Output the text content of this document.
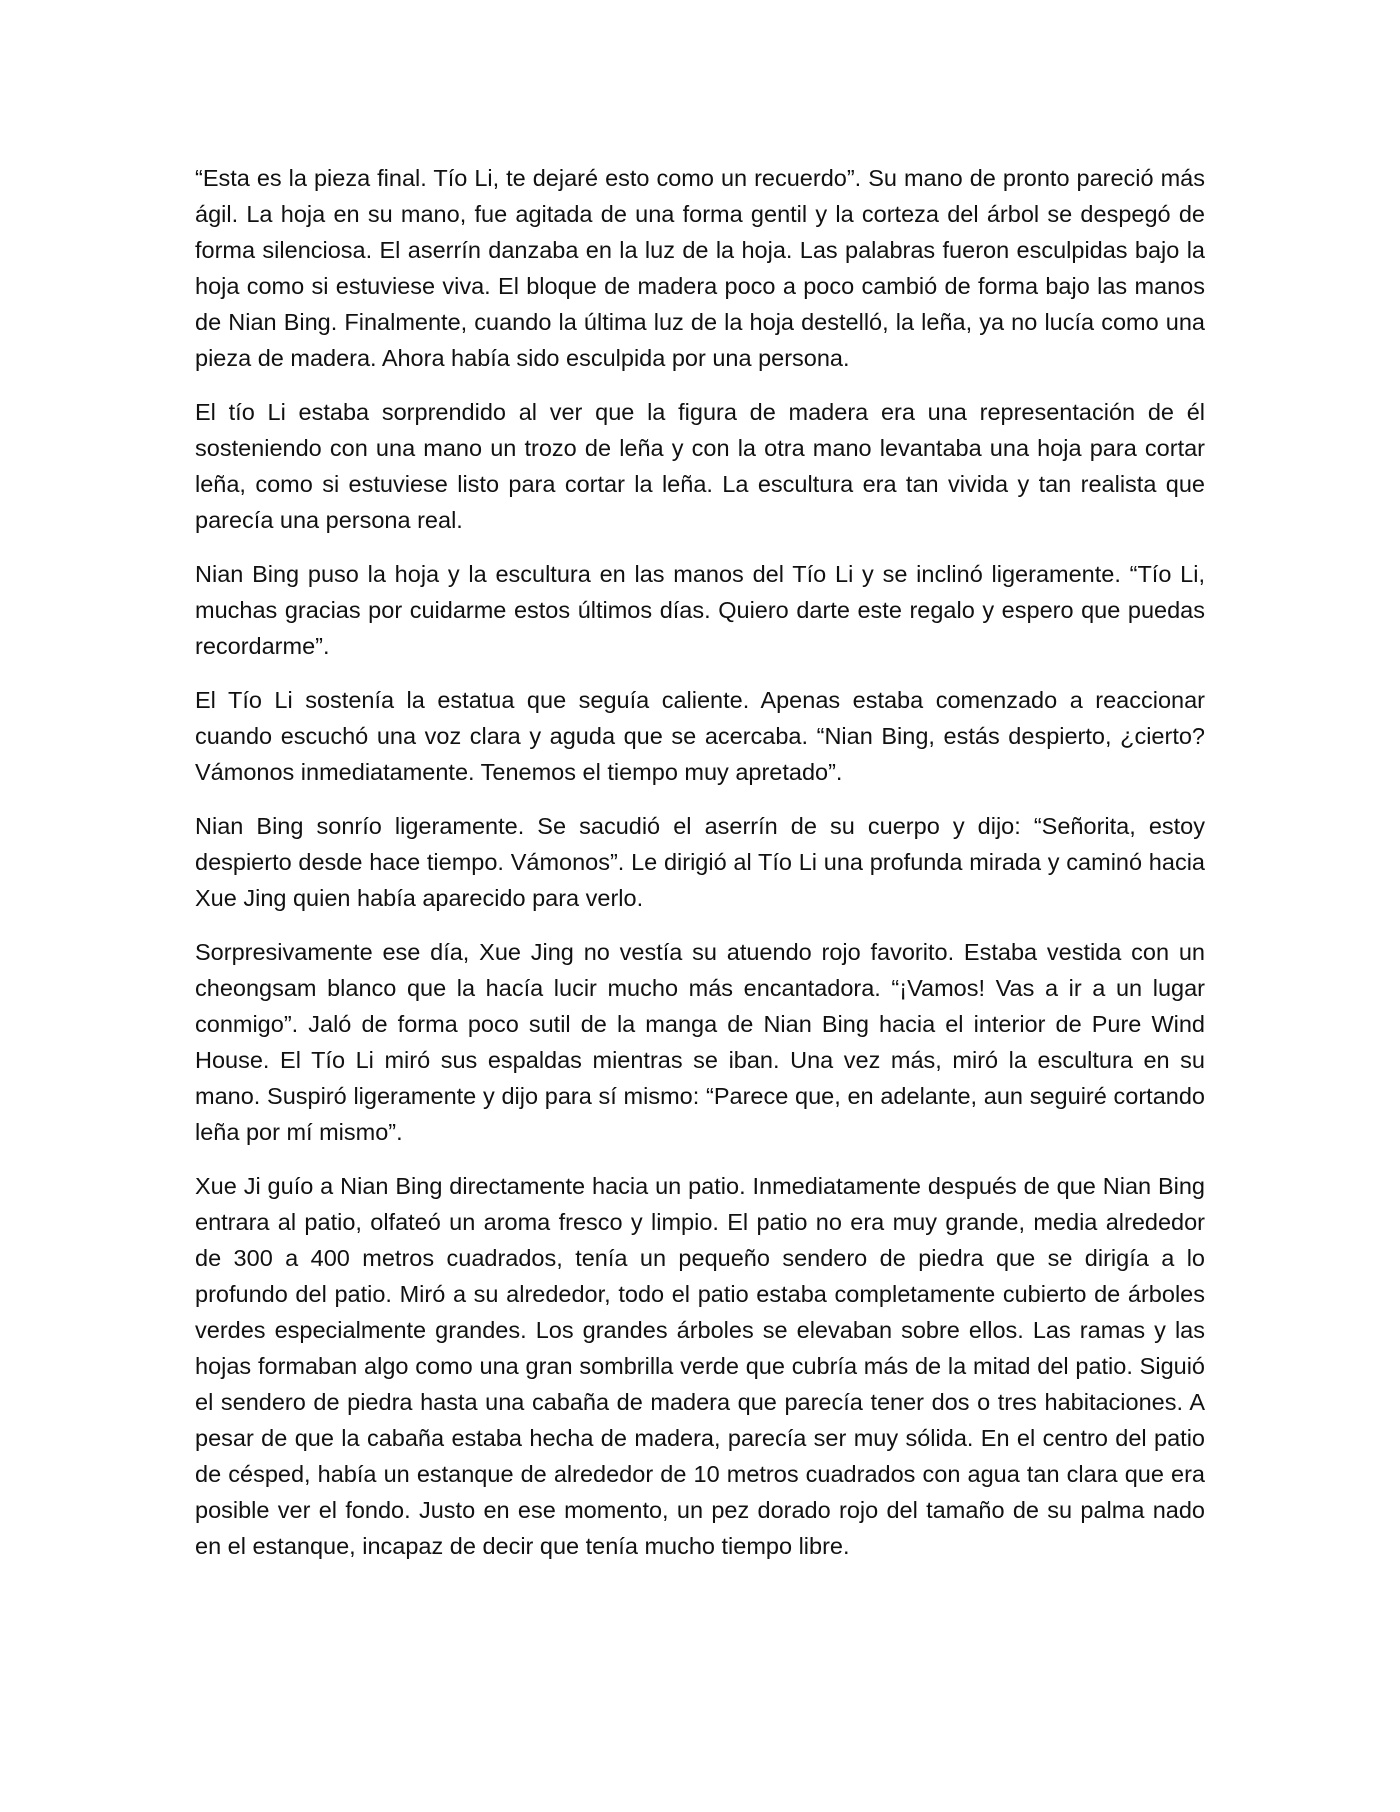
“Esta es la pieza final. Tío Li, te dejaré esto como un recuerdo”. Su mano de pronto pareció más ágil. La hoja en su mano, fue agitada de una forma gentil y la corteza del árbol se despegó de forma silenciosa. El aserrín danzaba en la luz de la hoja. Las palabras fueron esculpidas bajo la hoja como si estuviese viva. El bloque de madera poco a poco cambió de forma bajo las manos de Nian Bing. Finalmente, cuando la última luz de la hoja destelló, la leña, ya no lucía como una pieza de madera. Ahora había sido esculpida por una persona.

El tío Li estaba sorprendido al ver que la figura de madera era una representación de él sosteniendo con una mano un trozo de leña y con la otra mano levantaba una hoja para cortar leña, como si estuviese listo para cortar la leña. La escultura era tan vivida y tan realista que parecía una persona real.

Nian Bing puso la hoja y la escultura en las manos del Tío Li y se inclinó ligeramente. “Tío Li, muchas gracias por cuidarme estos últimos días. Quiero darte este regalo y espero que puedas recordarme”.

El Tío Li sostenía la estatua que seguía caliente. Apenas estaba comenzado a reaccionar cuando escuchó una voz clara y aguda que se acercaba. “Nian Bing, estás despierto, ¿cierto? Vámonos inmediatamente. Tenemos el tiempo muy apretado”.

Nian Bing sonrío ligeramente. Se sacudió el aserrín de su cuerpo y dijo: “Señorita, estoy despierto desde hace tiempo. Vámonos”. Le dirigió al Tío Li una profunda mirada y caminó hacia Xue Jing quien había aparecido para verlo.

Sorpresivamente ese día, Xue Jing no vestía su atuendo rojo favorito. Estaba vestida con un cheongsam blanco que la hacía lucir mucho más encantadora. “¡Vamos! Vas a ir a un lugar conmigo”. Jaló de forma poco sutil de la manga de Nian Bing hacia el interior de Pure Wind House. El Tío Li miró sus espaldas mientras se iban. Una vez más, miró la escultura en su mano. Suspiró ligeramente y dijo para sí mismo: “Parece que, en adelante, aun seguiré cortando leña por mí mismo”.

Xue Ji guío a Nian Bing directamente hacia un patio. Inmediatamente después de que Nian Bing entrara al patio, olfateó un aroma fresco y limpio. El patio no era muy grande, media alrededor de 300 a 400 metros cuadrados, tenía un pequeño sendero de piedra que se dirigía a lo profundo del patio. Miró a su alrededor, todo el patio estaba completamente cubierto de árboles verdes especialmente grandes. Los grandes árboles se elevaban sobre ellos. Las ramas y las hojas formaban algo como una gran sombrilla verde que cubría más de la mitad del patio. Siguió el sendero de piedra hasta una cabaña de madera que parecía tener dos o tres habitaciones. A pesar de que la cabaña estaba hecha de madera, parecía ser muy sólida. En el centro del patio de césped, había un estanque de alrededor de 10 metros cuadrados con agua tan clara que era posible ver el fondo. Justo en ese momento, un pez dorado rojo del tamaño de su palma nado en el estanque, incapaz de decir que tenía mucho tiempo libre.
